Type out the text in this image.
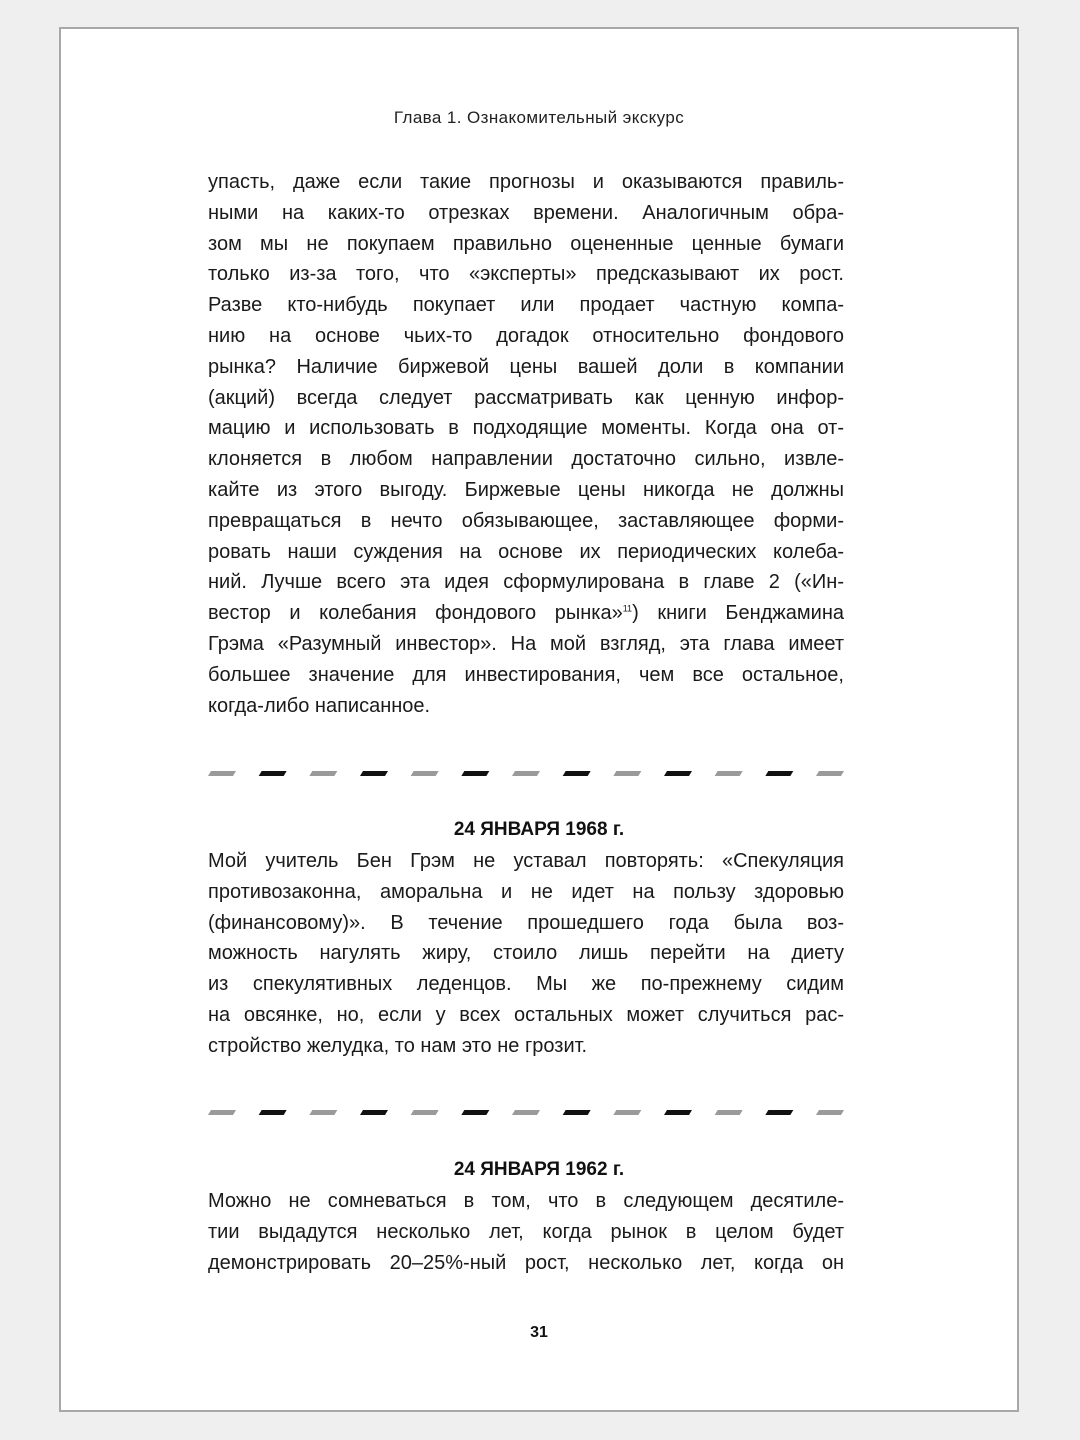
Глава 1. Ознакомительный экскурс
упасть, даже если такие прогнозы и оказываются правиль-
ными на каких-то отрезках времени. Аналогичным обра-
зом мы не покупаем правильно оцененные ценные бумаги
только из-за того, что «эксперты» предсказывают их рост.
Разве кто-нибудь покупает или продает частную компа-
нию на основе чьих-то догадок относительно фондового
рынка? Наличие биржевой цены вашей доли в компании
(акций) всегда следует рассматривать как ценную инфор-
мацию и использовать в подходящие моменты. Когда она от-
клоняется в любом направлении достаточно сильно, извле-
кайте из этого выгоду. Биржевые цены никогда не должны
превращаться в нечто обязывающее, заставляющее форми-
ровать наши суждения на основе их периодических колеба-
ний. Лучше всего эта идея сформулирована в главе 2 («Ин-
вестор и колебания фондового рынка»$^{11}$) книги Бенджамина
Грэма «Разумный инвестор». На мой взгляд, эта глава имеет
большее значение для инвестирования, чем все остальное,
когда-либо написанное.
24 ЯНВАРЯ 1968 г.
Мой учитель Бен Грэм не уставал повторять: «Спекуляция
противозаконна, аморальна и не идет на пользу здоровью
(финансовому)». В течение прошедшего года была воз-
можность нагулять жиру, стоило лишь перейти на диету
из спекулятивных леденцов. Мы же по-прежнему сидим
на овсянке, но, если у всех остальных может случиться рас-
стройство желудка, то нам это не грозит.
24 ЯНВАРЯ 1962 г.
Можно не сомневаться в том, что в следующем десятиле-
тии выдадутся несколько лет, когда рынок в целом будет
демонстрировать 20–25%-ный рост, несколько лет, когда он
31
